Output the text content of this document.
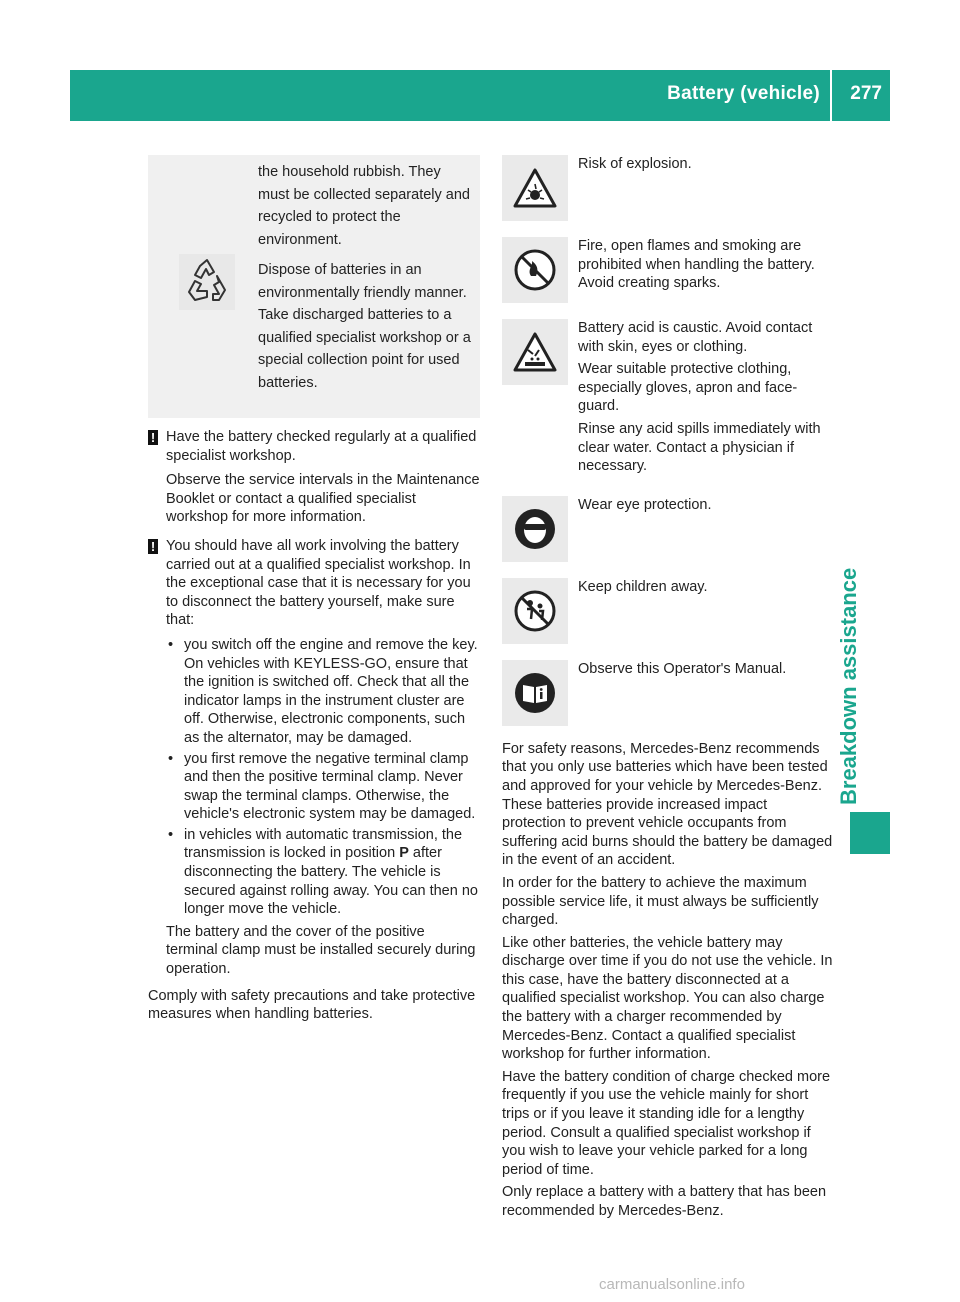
Battery (vehicle) 277
Breakdown assistance

the household rubbish. They must be collected separately and recycled to protect the environment.

Dispose of batteries in an environmentally friendly manner. Take discharged batteries to a qualified specialist workshop or a special collection point for used batteries.

! Have the battery checked regularly at a qualified specialist workshop.

Observe the service intervals in the Maintenance Booklet or contact a qualified specialist workshop for more information.

! You should have all work involving the battery carried out at a qualified specialist workshop. In the exceptional case that it is necessary for you to disconnect the battery yourself, make sure that:

• you switch off the engine and remove the key. On vehicles with KEYLESS-GO, ensure that the ignition is switched off. Check that all the indicator lamps in the instrument cluster are off. Otherwise, electronic components, such as the alternator, may be damaged.
• you first remove the negative terminal clamp and then the positive terminal clamp. Never swap the terminal clamps. Otherwise, the vehicle's electronic system may be damaged.
• in vehicles with automatic transmission, the transmission is locked in position P after disconnecting the battery. The vehicle is secured against rolling away. You can then no longer move the vehicle.

The battery and the cover of the positive terminal clamp must be installed securely during operation.

Comply with safety precautions and take protective measures when handling batteries.

Risk of explosion.

Fire, open flames and smoking are prohibited when handling the battery. Avoid creating sparks.

Battery acid is caustic. Avoid contact with skin, eyes or clothing.

Wear suitable protective clothing, especially gloves, apron and face-guard.

Rinse any acid spills immediately with clear water. Contact a physician if necessary.

Wear eye protection.

Keep children away.

Observe this Operator's Manual.

For safety reasons, Mercedes-Benz recommends that you only use batteries which have been tested and approved for your vehicle by Mercedes-Benz. These batteries provide increased impact protection to prevent vehicle occupants from suffering acid burns should the battery be damaged in the event of an accident.

In order for the battery to achieve the maximum possible service life, it must always be sufficiently charged.

Like other batteries, the vehicle battery may discharge over time if you do not use the vehicle. In this case, have the battery disconnected at a qualified specialist workshop. You can also charge the battery with a charger recommended by Mercedes-Benz. Contact a qualified specialist workshop for further information.

Have the battery condition of charge checked more frequently if you use the vehicle mainly for short trips or if you leave it standing idle for a lengthy period. Consult a qualified specialist workshop if you wish to leave your vehicle parked for a long period of time.

Only replace a battery with a battery that has been recommended by Mercedes-Benz.

carmanualsonline.info
